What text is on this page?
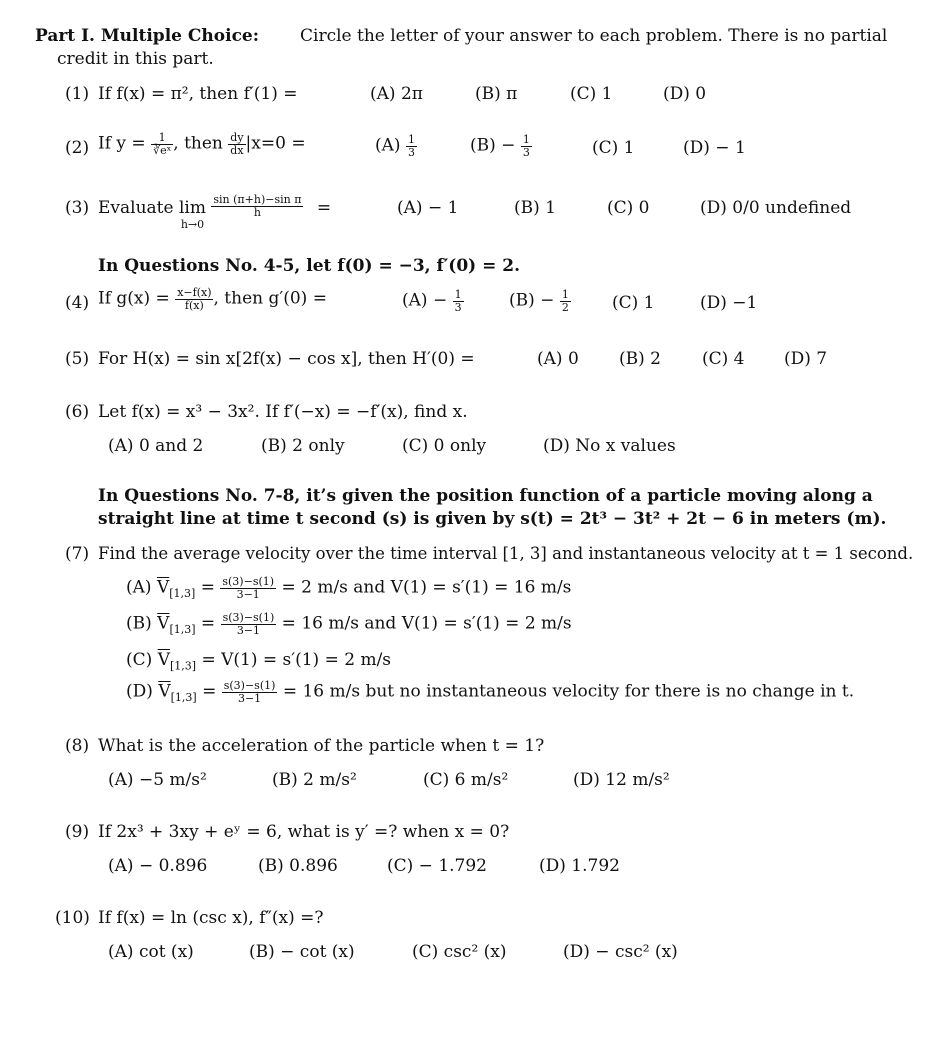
Part I. Multiple Choice: Circle the letter of your answer to each problem. There is no partial
credit in this part.
(1) If f(x) = π², then f′(1) =	(A) 2π	(B) π	(C) 1	(D) 0
(2) If $y = \frac{1}{\text{∛eˣ}}$ , then $\frac{dy}{dx} |x=0$ =	$(A) \frac{1}{3}$	$(B) - \frac{1}{3}$	(C) 1	(D) − 1
(3) Evaluate lim
h→0

$\frac{\text{sin (π+h)−sin π}}{h}$ =	(A) − 1	(B) 1	(C) 0	(D) 0/0 undefined
In Questions No. 4-5, let f(0) = −3, f′(0) = 2.
(4) If $g(x) = \frac{x-f(x)}{f(x)}$ , then g′(0) =	$(A) - \frac{1}{3}$	$(B) - \frac{1}{2} (C)$ 1	(D) −1
(5) For H(x) = sin x[2f(x) − cos x], then H′(0) =	(A) 0 (B) 2 (C) 4 (D) 7
(6) Let f(x) = x³ − 3x². If f′(−x) = −f′(x), find x.
(A) 0 and 2	(B) 2 only	(C) 0 only	(D) No x values
In Questions No. 7-8, it’s given the position function of a particle moving along a
straight line at time t second (s) is given by s(t) = 2t³ − 3t² + 2t − 6 in meters (m).
(7) Find the average velocity over the time interval [1, 3] and instantaneous velocity at t = 1 second.
(A) $\overline{V}_{[1,3]} = \frac{s(3)-s(1)}{3-1} = 2$ m/s and V(1) = s′(1) = 16 m/s
(B) $\overline{V}_{[1,3]} = \frac{s(3)-s(1)}{3-1} = 16$ m/s and V(1) = s′(1) = 2 m/s
(C) $\overline{V}_{[1,3]} = V(1) = s'(1) = 2$ m/s
(D) $\overline{V}_{[1,3]} = \frac{s(3)-s(1)}{3-1} = 16$ m/s but no instantaneous velocity for there is no change in t.
(8) What is the acceleration of the particle when t = 1?
(A) −5 m/s²	(B) 2 m/s²	(C) 6 m/s²	(D) 12 m/s²
(9) If 2x³ + 3xy + eʸ = 6, what is y′ =? when x = 0?
(A) − 0.896	(B) 0.896	(C) − 1.792	(D) 1.792
(10) If f(x) = ln (csc x), f″(x) =?
(A) cot (x)	(B) − cot (x)	(C) csc² (x)	(D) − csc² (x)
